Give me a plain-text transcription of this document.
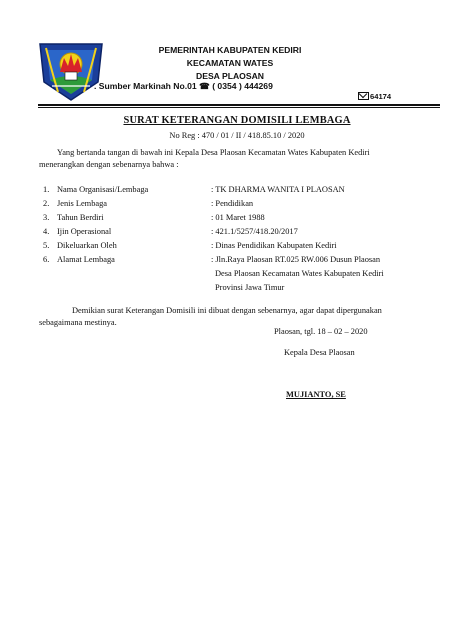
PEMERINTAH KABUPATEN KEDIRI
KECAMATAN WATES
DESA PLAOSAN
. Sumber Markinah No.01 ☎ ( 0354 ) 444269
64174
SURAT KETERANGAN DOMISILI LEMBAGA
No Reg : 470 / 01 / II / 418.85.10 / 2020
Yang bertanda tangan di bawah ini Kepala Desa Plaosan Kecamatan Wates Kabupaten Kediri
menerangkan dengan sebenarnya bahwa :
1. Nama Organisasi/Lembaga	: TK DHARMA WANITA I PLAOSAN
2. Jenis Lembaga	: Pendidikan
3. Tahun Berdiri	: 01 Maret 1988
4. Ijin Operasional	: 421.1/5257/418.20/2017
5. Dikeluarkan Oleh	: Dinas Pendidikan Kabupaten Kediri
6. Alamat Lembaga	: Jln.Raya Plaosan RT.025 RW.006 Dusun Plaosan
Desa Plaosan Kecamatan Wates Kabupaten Kediri
Provinsi Jawa Timur
Demikian surat Keterangan Domisili ini dibuat dengan sebenarnya, agar dapat dipergunakan
sebagaimana mestinya.
Plaosan, tgl. 18 – 02 – 2020
Kepala Desa Plaosan
MUJIANTO, SE
